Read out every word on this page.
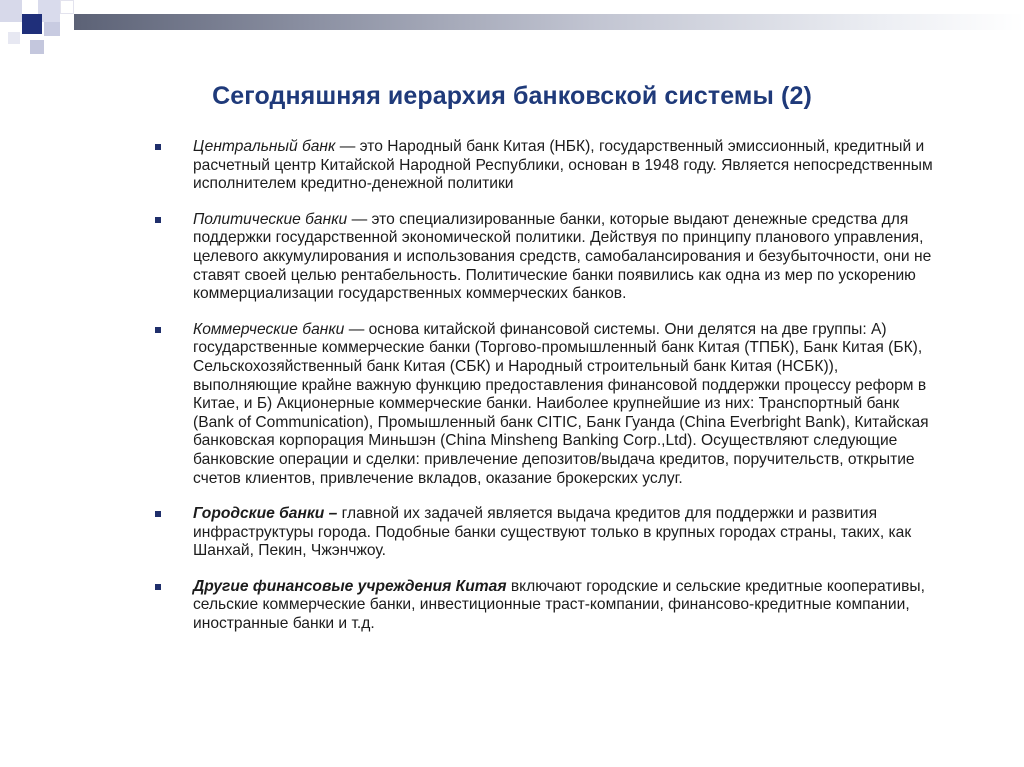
Сегодняшняя иерархия банковской системы (2)
Центральный банк — это Народный банк Китая (НБК), государственный эмиссионный, кредитный и расчетный центр Китайской Народной Республики, основан в 1948 году. Является непосредственным исполнителем кредитно-денежной политики
Политические банки — это специализированные банки, которые выдают денежные средства для поддержки государственной экономической политики. Действуя по принципу планового управления, целевого аккумулирования и использования средств, самобалансирования и безубыточности, они не ставят своей целью рентабельность. Политические банки появились как одна из мер по ускорению коммерциализации государственных коммерческих банков.
Коммерческие банки — основа китайской финансовой системы. Они делятся на две группы: А) государственные коммерческие банки (Торгово-промышленный банк Китая (ТПБК), Банк Китая (БК), Сельскохозяйственный банк Китая (СБК) и Народный строительный банк Китая (НСБК)), выполняющие крайне важную функцию предоставления финансовой поддержки процессу реформ в Китае, и Б) Акционерные коммерческие банки. Наиболее крупнейшие из них: Транспортный банк (Bank of Communication), Промышленный банк CITIC, Банк Гуанда (China Everbright Bank), Китайская банковская корпорация Миньшэн (China Minsheng Banking Corp.,Ltd). Осуществляют следующие банковские операции и сделки: привлечение депозитов/выдача кредитов, поручительств, открытие счетов клиентов, привлечение вкладов, оказание брокерских услуг.
Городские банки – главной их задачей является выдача кредитов для поддержки и развития инфраструктуры города. Подобные банки существуют только в крупных городах страны, таких, как Шанхай, Пекин, Чжэнчжоу.
Другие финансовые учреждения Китая включают городские и сельские кредитные кооперативы, сельские коммерческие банки, инвестиционные траст-компании, финансово-кредитные компании, иностранные банки и т.д.
